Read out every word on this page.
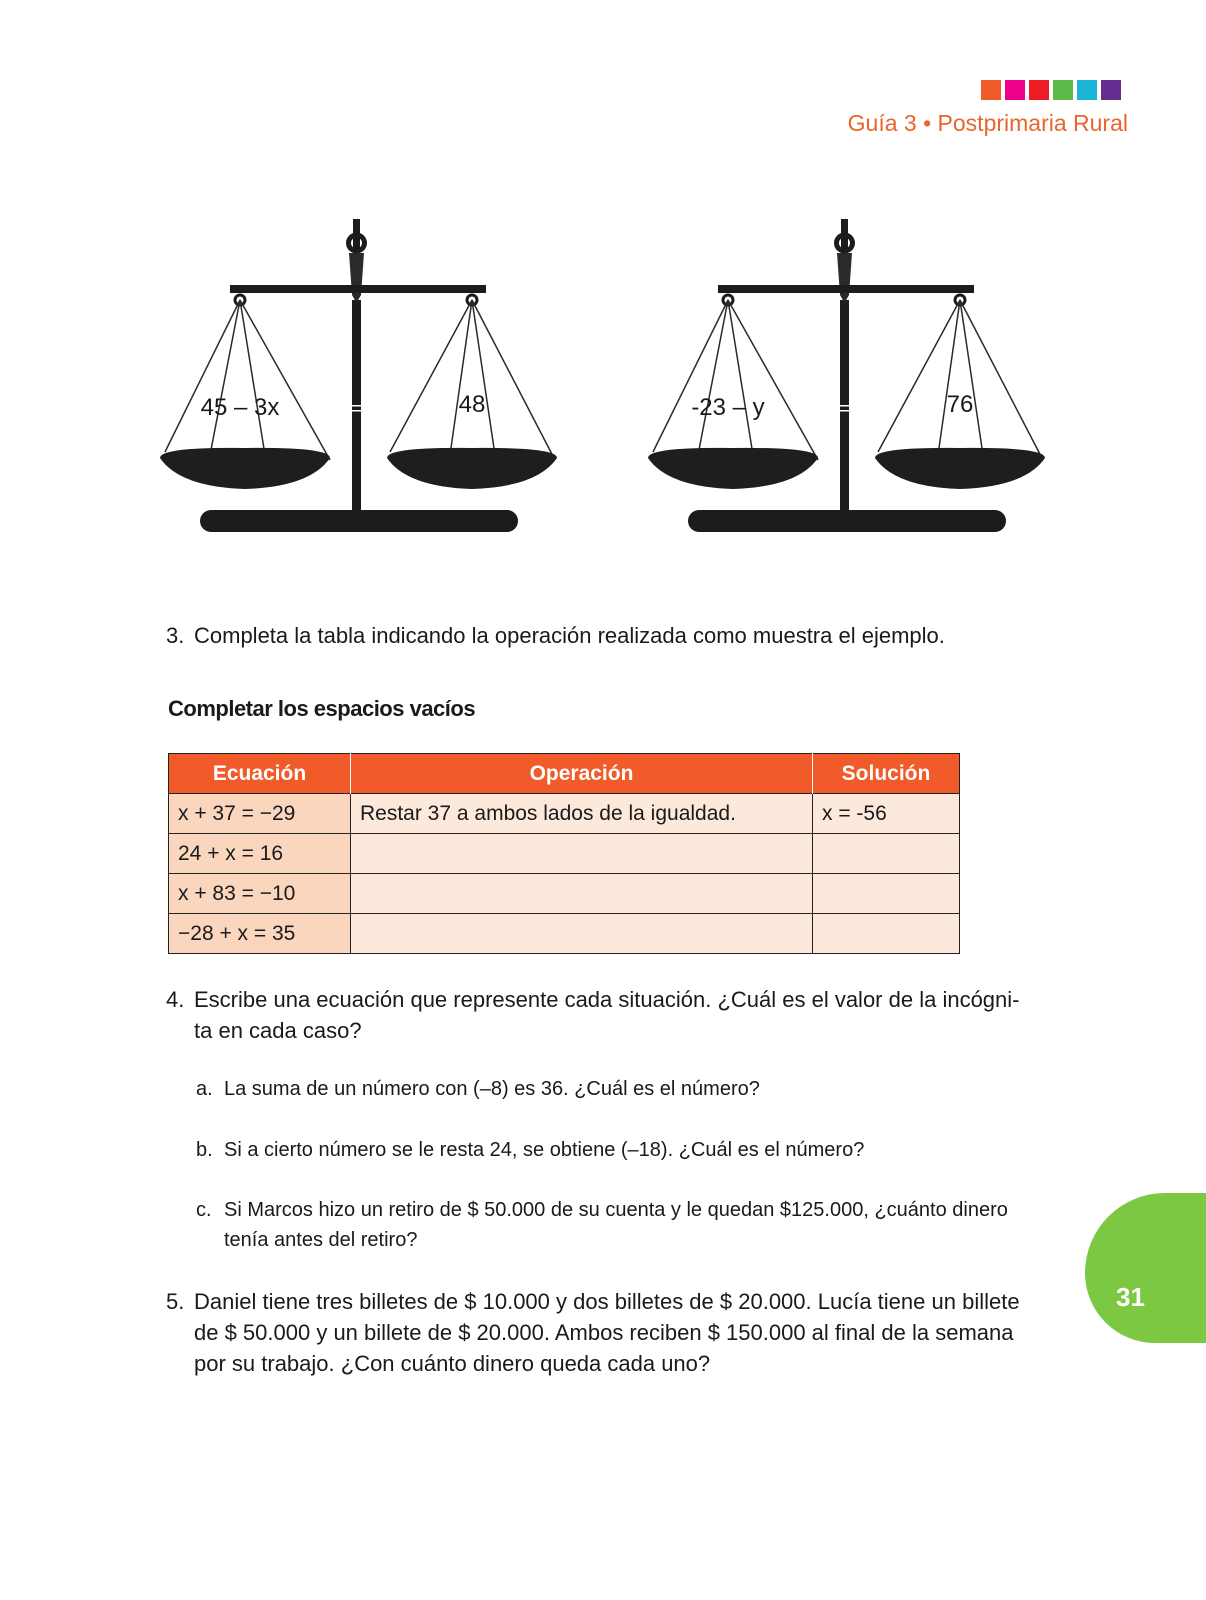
Guía 3 • Postprimaria Rural
45 – 3x	=	48	-23 – y	=	76
3. Completa la tabla indicando la operación realizada como muestra el ejemplo.
Completar los espacios vacíos
Ecuación	Operación	Solución
x + 37 = −29	Restar 37 a ambos lados de la igualdad.	x = -56
24 + x = 16		
x + 83 = −10		
−28 + x = 35		
4. Escribe una ecuación que represente cada situación. ¿Cuál es el valor de la incógni-
ta en cada caso?
a. La suma de un número con (–8) es 36. ¿Cuál es el número?
b. Si a cierto número se le resta 24, se obtiene (–18). ¿Cuál es el número?
c. Si Marcos hizo un retiro de $ 50.000 de su cuenta y le quedan $125.000, ¿cuánto dinero
tenía antes del retiro?
5. Daniel tiene tres billetes de $ 10.000 y dos billetes de $ 20.000. Lucía tiene un billete
de $ 50.000 y un billete de $ 20.000. Ambos reciben $ 150.000 al final de la semana
por su trabajo. ¿Con cuánto dinero queda cada uno?
31
